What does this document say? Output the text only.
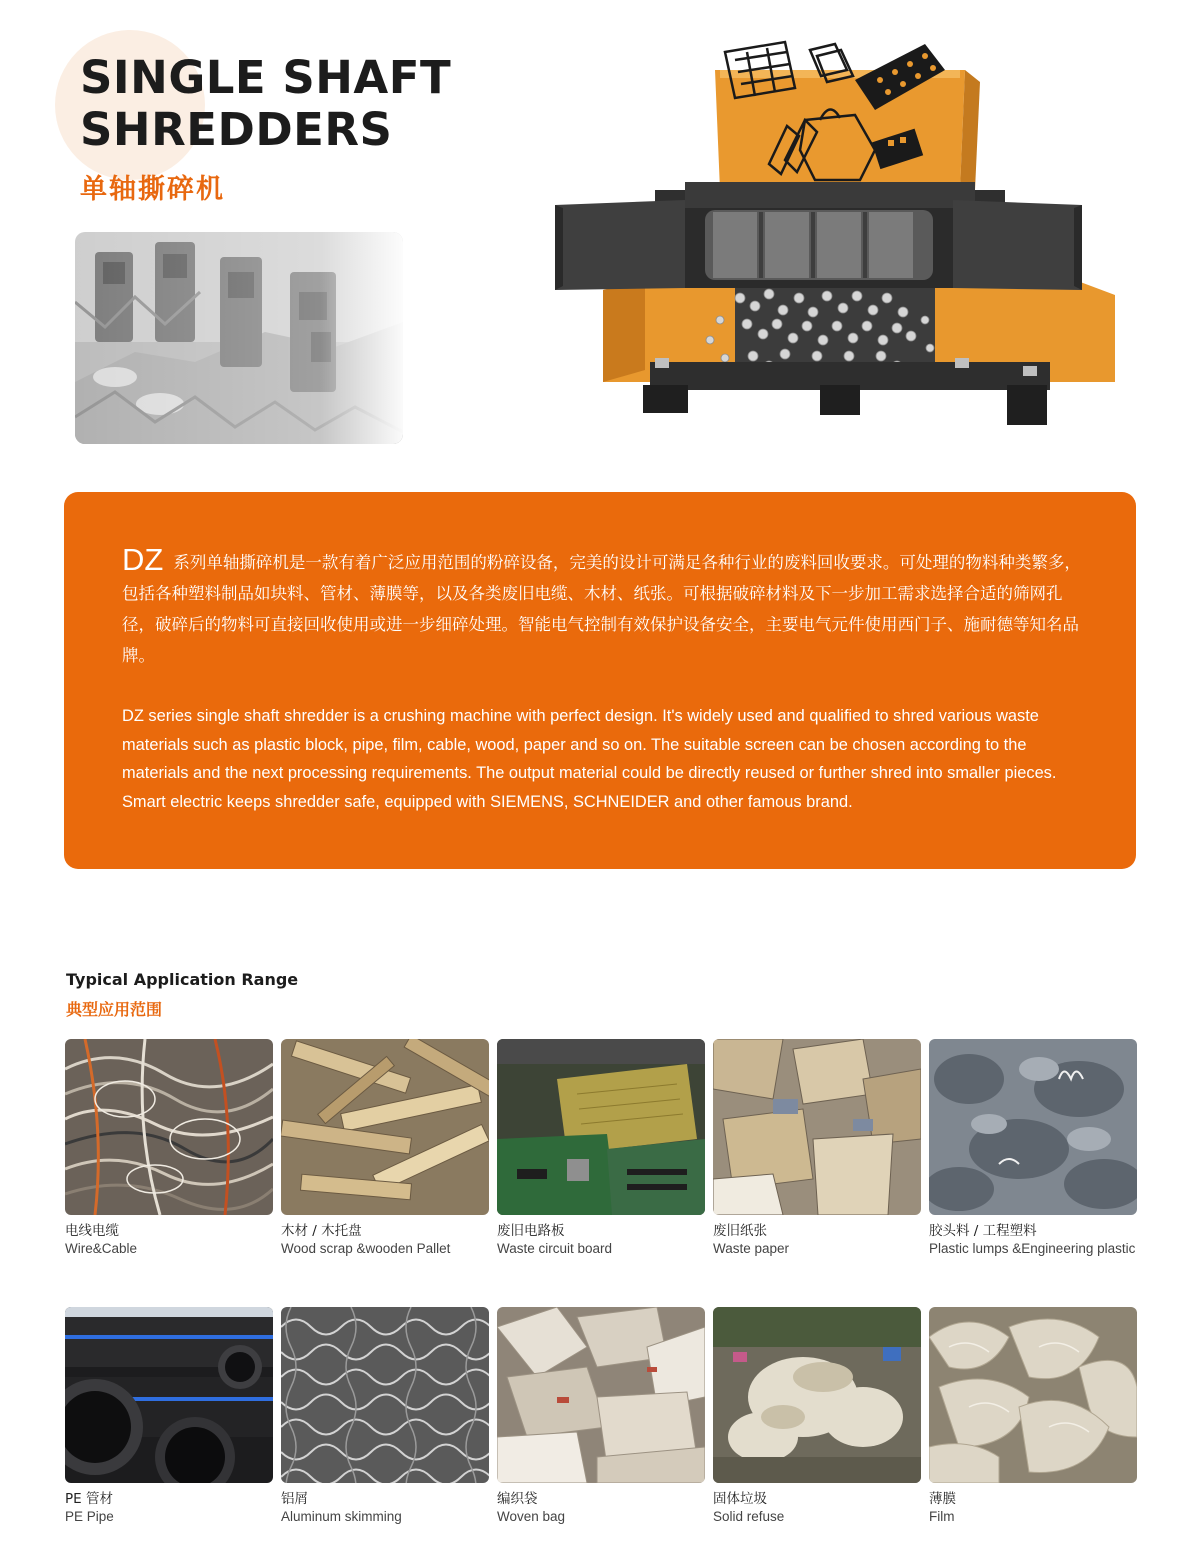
SINGLE SHAFT
SHREDDERS
单轴撕碎机
DZ 系列单轴撕碎机是一款有着广泛应用范围的粉碎设备，完美的设计可满足各种行业的废料回收要求。可处理的物料种类繁多，包括各种塑料制品如块料、管材、薄膜等，以及各类废旧电缆、木材、纸张。可根据破碎材料及下一步加工需求选择合适的筛网孔径，破碎后的物料可直接回收使用或进一步细碎处理。智能电气控制有效保护设备安全，主要电气元件使用西门子、施耐德等知名品牌。
DZ series single shaft shredder is a crushing machine with perfect design. It's widely used and qualified to shred various waste materials such as plastic block, pipe, film, cable, wood, paper and so on. The suitable screen can be chosen according to the materials and the next processing requirements. The output material could be directly reused or further shred into smaller pieces. Smart electric keeps shredder safe, equipped with SIEMENS, SCHNEIDER and other famous brand.
Typical Application Range
典型应用范围
电线电缆
Wire&Cable
木材 / 木托盘
Wood scrap &wooden Pallet
废旧电路板
Waste circuit board
废旧纸张
Waste paper
胶头料 / 工程塑料
Plastic lumps &Engineering plastic
PE 管材
PE Pipe
铝屑
Aluminum skimming
编织袋
Woven bag
固体垃圾
Solid refuse
薄膜
Film
